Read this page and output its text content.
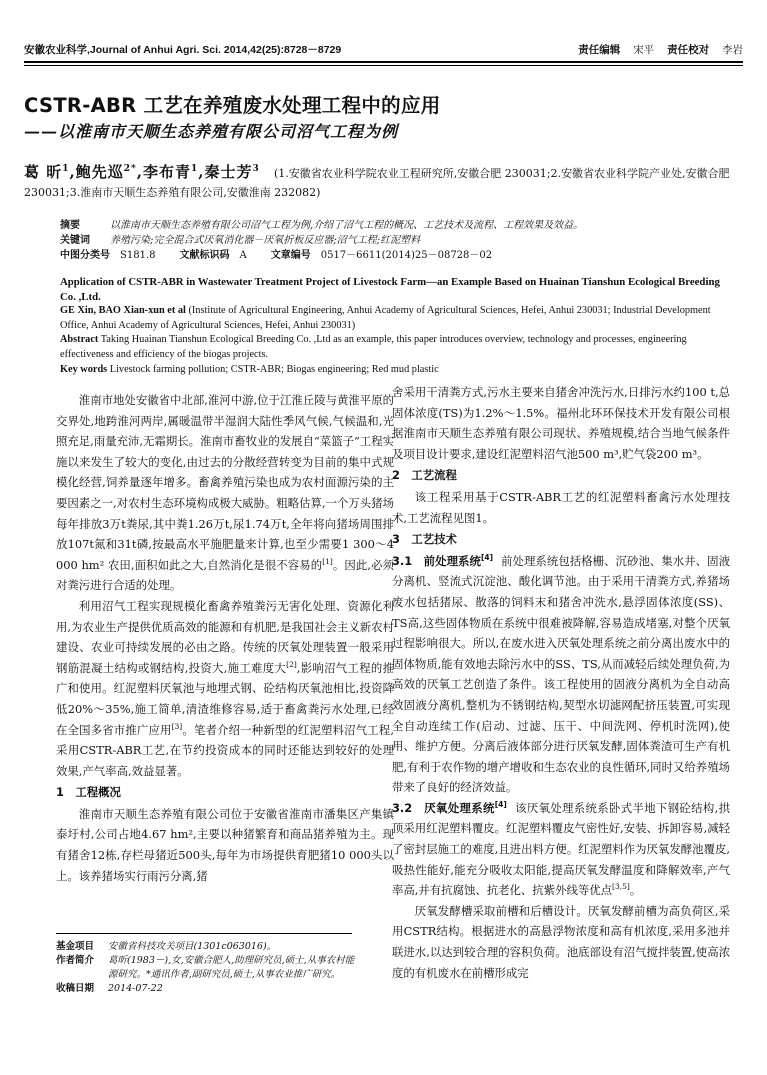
安徽农业科学,Journal of Anhui Agri. Sci. 2014,42(25):8728－8729	责任编辑 宋平 责任校对 李岩
CSTR-ABR 工艺在养殖废水处理工程中的应用
——以淮南市天顺生态养殖有限公司沼气工程为例
葛 昕$^1$,鲍先巡$^{2*}$,李布青$^1$,秦士芳$^3$ (1.安徽省农业科学院农业工程研究所,安徽合肥 230031;2.安徽省农业科学院产业处,安徽合肥 230031;3.淮南市天顺生态养殖有限公司,安徽淮南 232082)
摘要	以淮南市天顺生态养殖有限公司沼气工程为例,介绍了沼气工程的概况、工艺技术及流程、工程效果及效益。
关键词	养殖污染;完全混合式厌氧消化器－厌氧折板反应器;沼气工程;红泥塑料
中图分类号 S181.8 文献标识码 A 文章编号 0517－6611(2014)25－08728－02
Application of CSTR-ABR in Wastewater Treatment Project of Livestock Farm—an Example Based on Huainan Tianshun Ecological Breeding Co. ,Ltd.
GE Xin, BAO Xian-xun et al (Institute of Agricultural Engineering, Anhui Academy of Agricultural Sciences, Hefei, Anhui 230031; Industrial Development Office, Anhui Academy of Agricultural Sciences, Hefei, Anhui 230031)
Abstract Taking Huainan Tianshun Ecological Breeding Co. ,Ltd as an example, this paper introduces overview, technology and processes, engineering effectiveness and efficiency of the biogas projects.
Key words Livestock farming pollution; CSTR-ABR; Biogas engineering; Red mud plastic

淮南市地处安徽省中北部,淮河中游,位于江淮丘陵与黄淮平原的交界处,地跨淮河两岸,属暖温带半湿润大陆性季风气候,气候温和,光照充足,雨量充沛,无霜期长。淮南市畜牧业的发展自“菜篮子”工程实施以来发生了较大的变化,由过去的分散经营转变为目前的集中式规模化经营,饲养量逐年增多。畜禽养殖污染也成为农村面源污染的主要因素之一,对农村生态环境构成极大威胁。粗略估算,一个万头猪场每年排放3万t粪尿,其中粪1.26万t,尿1.74万t,全年将向猪场周围排放107t氮和31t磷,按最高水平施肥量来计算,也至少需要1 300～4 000 hm² 农田,面积如此之大,自然消化是很不容易的[1]。因此,必须对粪污进行合适的处理。

利用沼气工程实现规模化畜禽养殖粪污无害化处理、资源化利用,为农业生产提供优质高效的能源和有机肥,是我国社会主义新农村建设、农业可持续发展的必由之路。传统的厌氧处理装置一般采用钢筋混凝土结构或钢结构,投资大,施工难度大[2],影响沼气工程的推广和使用。红泥塑料厌氧池与地埋式钢、砼结构厌氧池相比,投资降低20%～35%,施工简单,清渣维修容易,适于畜禽粪污水处理,已经在全国多省市推广应用[3]。笔者介绍一种新型的红泥塑料沼气工程,采用CSTR-ABR工艺,在节约投资成本的同时还能达到较好的处理效果,产气率高,效益显著。

1　工程概况

淮南市天顺生态养殖有限公司位于安徽省淮南市潘集区产集镇泰圩村,公司占地4.67 hm²,主要以种猪繁育和商品猪养殖为主。现有猪舍12栋,存栏母猪近500头,每年为市场提供育肥猪10 000头以上。该养猪场实行雨污分离,猪

舍采用干清粪方式,污水主要来自猪舍冲洗污水,日排污水约100 t,总固体浓度(TS)为1.2%～1.5%。福州北环环保技术开发有限公司根据淮南市天顺生态养殖有限公司现状、养殖规模,结合当地气候条件及项目设计要求,建设红泥塑料沼气池500 m³,贮气袋200 m³。

2　工艺流程

该工程采用基于CSTR-ABR工艺的红泥塑料畜禽污水处理技术,工艺流程见图1。

3　工艺技术

3.1　前处理系统[4] 前处理系统包括格栅、沉砂池、集水井、固液分离机、竖流式沉淀池、酸化调节池。由于采用干清粪方式,养猪场废水包括猪尿、散落的饲料末和猪舍冲洗水,悬浮固体浓度(SS)、TS高,这些固体物质在系统中很难被降解,容易造成堵塞,对整个厌氧过程影响很大。所以,在废水进入厌氧处理系统之前分离出废水中的固体物质,能有效地去除污水中的SS、TS,从而减轻后续处理负荷,为高效的厌氧工艺创造了条件。该工程使用的固液分离机为全自动高效固液分离机,整机为不锈钢结构,契型水切滤网配挤压装置,可实现全自动连续工作(启动、过滤、压干、中间洗网、停机时洗网),使用、维护方便。分离后液体部分进行厌氧发酵,固体粪渣可生产有机肥,有利于农作物的增产增收和生态农业的良性循环,同时又给养殖场带来了良好的经济效益。

3.2　厌氧处理系统[4] 该厌氧处理系统系卧式半地下钢砼结构,拱顶采用红泥塑料覆皮。红泥塑料覆皮气密性好,安装、拆卸容易,减轻了密封层施工的难度,且进出料方便。红泥塑料作为厌氧发酵池覆皮,吸热性能好,能充分吸收太阳能,提高厌氧发酵温度和降解效率,产气率高,并有抗腐蚀、抗老化、抗紫外线等优点[3,5]。

厌氧发酵槽采取前槽和后槽设计。厌氧发酵前槽为高负荷区,采用CSTR结构。根据进水的高悬浮物浓度和高有机浓度,采用多池并联进水,以达到较合理的容积负荷。池底部设有沼气搅拌装置,使高浓度的有机废水在前槽形成完

基金项目	安徽省科技攻关项目(1301c063016)。
作者简介	葛昕(1983－),女,安徽合肥人,助理研究员,硕士,从事农村能源研究。*通讯作者,副研究员,硕士,从事农业推广研究。
收稿日期	2014-07-22
